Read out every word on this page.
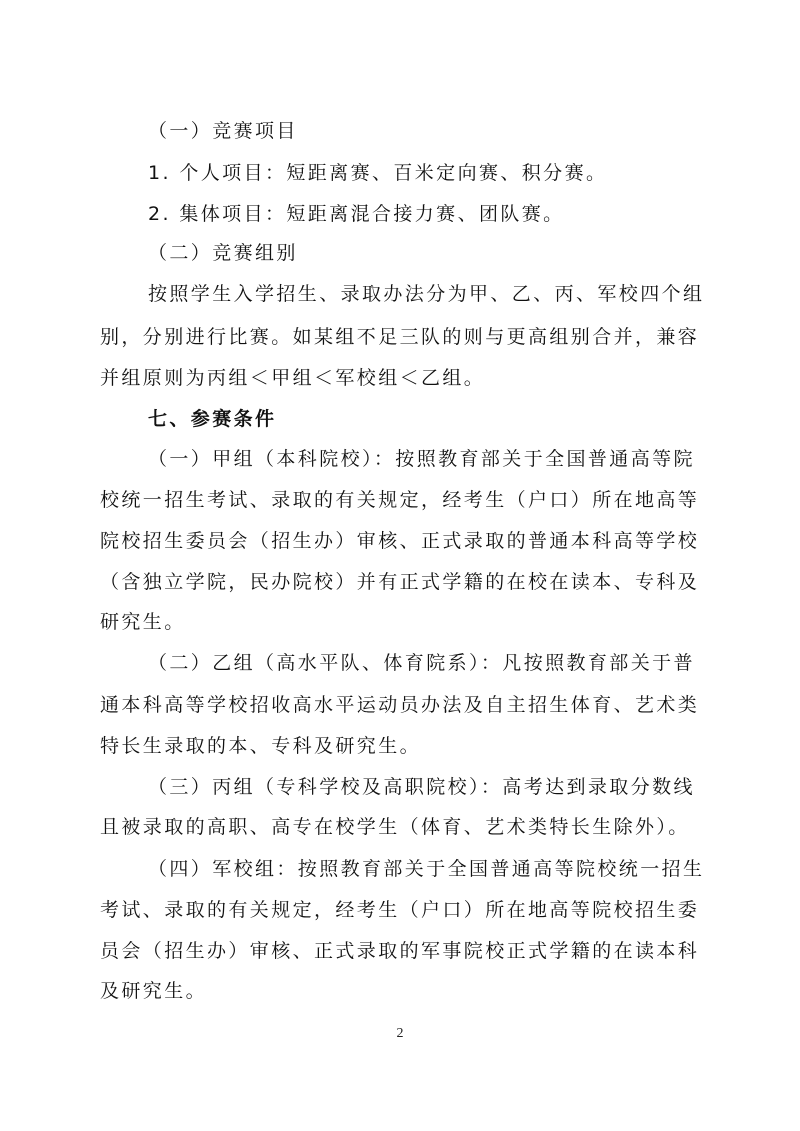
（一）竞赛项目
1. 个人项目：短距离赛、百米定向赛、积分赛。
2. 集体项目：短距离混合接力赛、团队赛。
（二）竞赛组别
按照学生入学招生、录取办法分为甲、乙、丙、军校四个组
别，分别进行比赛。如某组不足三队的则与更高组别合并，兼容
并组原则为丙组＜甲组＜军校组＜乙组。
七、参赛条件
（一）甲组（本科院校）：按照教育部关于全国普通高等院
校统一招生考试、录取的有关规定，经考生（户口）所在地高等
院校招生委员会（招生办）审核、正式录取的普通本科高等学校
（含独立学院，民办院校）并有正式学籍的在校在读本、专科及
研究生。
（二）乙组（高水平队、体育院系）：凡按照教育部关于普
通本科高等学校招收高水平运动员办法及自主招生体育、艺术类
特长生录取的本、专科及研究生。
（三）丙组（专科学校及高职院校）：高考达到录取分数线
且被录取的高职、高专在校学生（体育、艺术类特长生除外）。
（四）军校组：按照教育部关于全国普通高等院校统一招生
考试、录取的有关规定，经考生（户口）所在地高等院校招生委
员会（招生办）审核、正式录取的军事院校正式学籍的在读本科
及研究生。
2
